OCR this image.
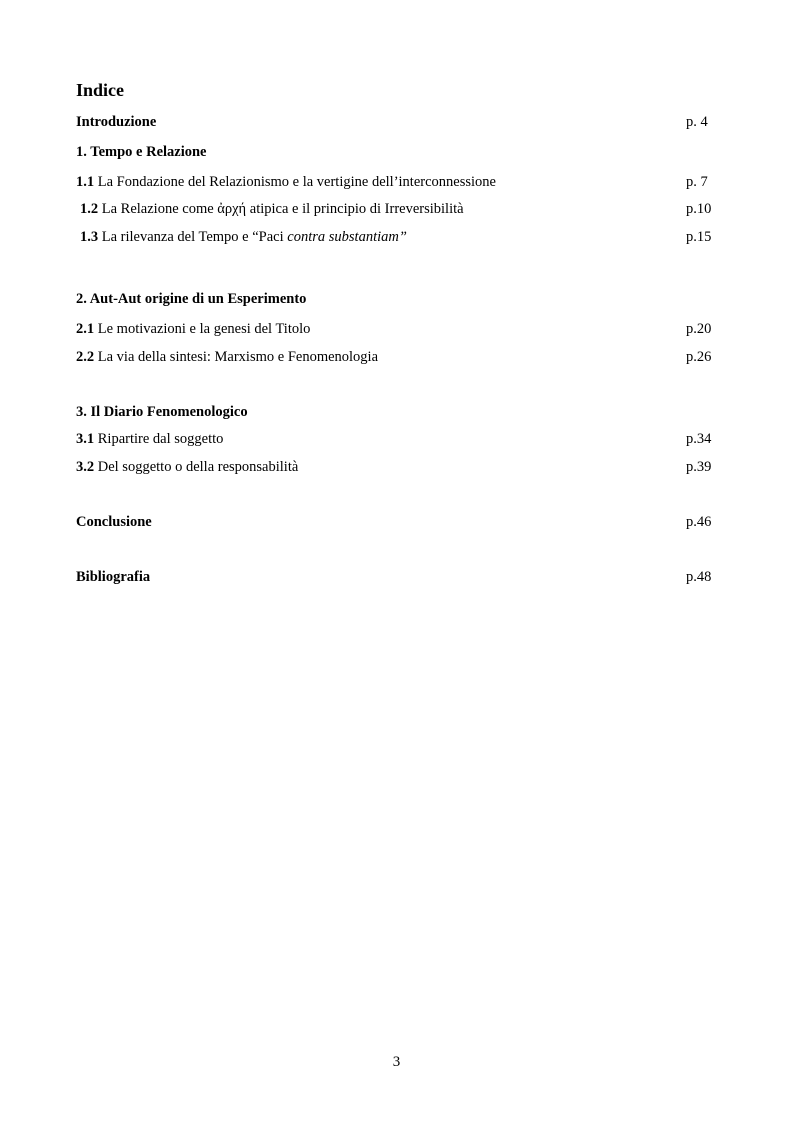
Indice
Introduzione	p. 4
1. Tempo e Relazione
1.1 La Fondazione del Relazionismo e la vertigine dell’interconnessione	p. 7
1.2 La Relazione come ἀρχή atipica e il principio di Irreversibilità	p.10
1.3 La rilevanza del Tempo e “Paci contra substantiam”	p.15
2. Aut-Aut origine di un Esperimento
2.1 Le motivazioni e la genesi del Titolo	p.20
2.2 La via della sintesi: Marxismo e Fenomenologia	p.26
3. Il Diario Fenomenologico
3.1 Ripartire dal soggetto	p.34
3.2 Del soggetto o della responsabilità	p.39
Conclusione	p.46
Bibliografia	p.48
3
